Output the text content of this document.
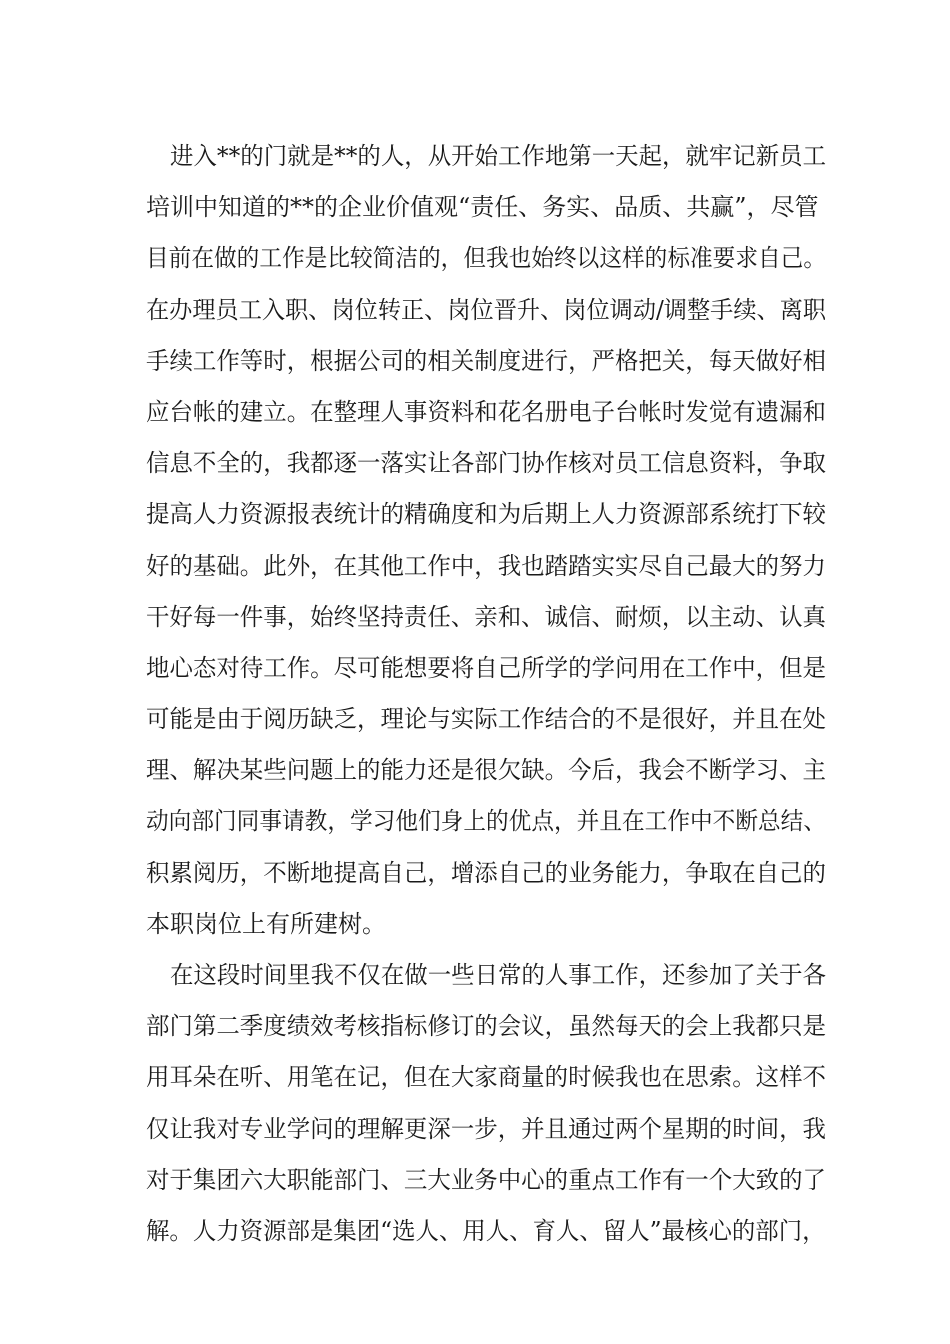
进入**的门就是**的人，从开始工作地第一天起，就牢记新员工
培训中知道的**的企业价值观“责任、务实、品质、共赢”，尽管
目前在做的工作是比较简洁的，但我也始终以这样的标准要求自己。
在办理员工入职、岗位转正、岗位晋升、岗位调动/调整手续、离职
手续工作等时，根据公司的相关制度进行，严格把关，每天做好相
应台帐的建立。在整理人事资料和花名册电子台帐时发觉有遗漏和
信息不全的，我都逐一落实让各部门协作核对员工信息资料，争取
提高人力资源报表统计的精确度和为后期上人力资源部系统打下较
好的基础。此外，在其他工作中，我也踏踏实实尽自己最大的努力
干好每一件事，始终坚持责任、亲和、诚信、耐烦，以主动、认真
地心态对待工作。尽可能想要将自己所学的学问用在工作中，但是
可能是由于阅历缺乏，理论与实际工作结合的不是很好，并且在处
理、解决某些问题上的能力还是很欠缺。今后，我会不断学习、主
动向部门同事请教，学习他们身上的优点，并且在工作中不断总结、
积累阅历，不断地提高自己，增添自己的业务能力，争取在自己的
本职岗位上有所建树。
在这段时间里我不仅在做一些日常的人事工作，还参加了关于各
部门第二季度绩效考核指标修订的会议，虽然每天的会上我都只是
用耳朵在听、用笔在记，但在大家商量的时候我也在思索。这样不
仅让我对专业学问的理解更深一步，并且通过两个星期的时间，我
对于集团六大职能部门、三大业务中心的重点工作有一个大致的了
解。人力资源部是集团“选人、用人、育人、留人”最核心的部门，
